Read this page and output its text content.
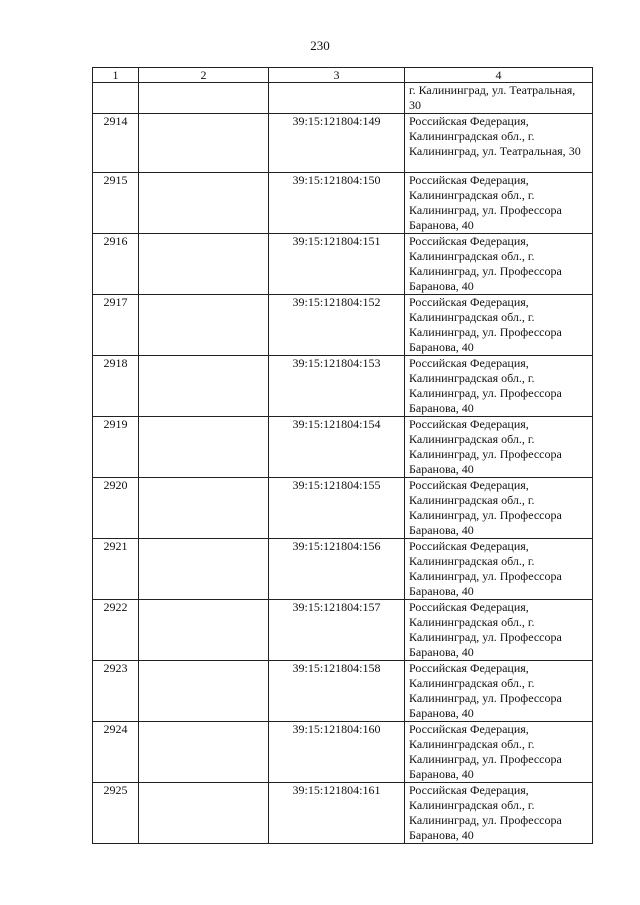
230
1	2	3	4
			г. Калининград, ул. Театральная, 30
2914		39:15:121804:149	Российская Федерация, Калининградская обл., г. Калининград, ул. Театральная, 30
2915		39:15:121804:150	Российская Федерация, Калининградская обл., г. Калининград, ул. Профессора Баранова, 40
2916		39:15:121804:151	Российская Федерация, Калининградская обл., г. Калининград, ул. Профессора Баранова, 40
2917		39:15:121804:152	Российская Федерация, Калининградская обл., г. Калининград, ул. Профессора Баранова, 40
2918		39:15:121804:153	Российская Федерация, Калининградская обл., г. Калининград, ул. Профессора Баранова, 40
2919		39:15:121804:154	Российская Федерация, Калининградская обл., г. Калининград, ул. Профессора Баранова, 40
2920		39:15:121804:155	Российская Федерация, Калининградская обл., г. Калининград, ул. Профессора Баранова, 40
2921		39:15:121804:156	Российская Федерация, Калининградская обл., г. Калининград, ул. Профессора Баранова, 40
2922		39:15:121804:157	Российская Федерация, Калининградская обл., г. Калининград, ул. Профессора Баранова, 40
2923		39:15:121804:158	Российская Федерация, Калининградская обл., г. Калининград, ул. Профессора Баранова, 40
2924		39:15:121804:160	Российская Федерация, Калининградская обл., г. Калининград, ул. Профессора Баранова, 40
2925		39:15:121804:161	Российская Федерация, Калининградская обл., г. Калининград, ул. Профессора Баранова, 40
